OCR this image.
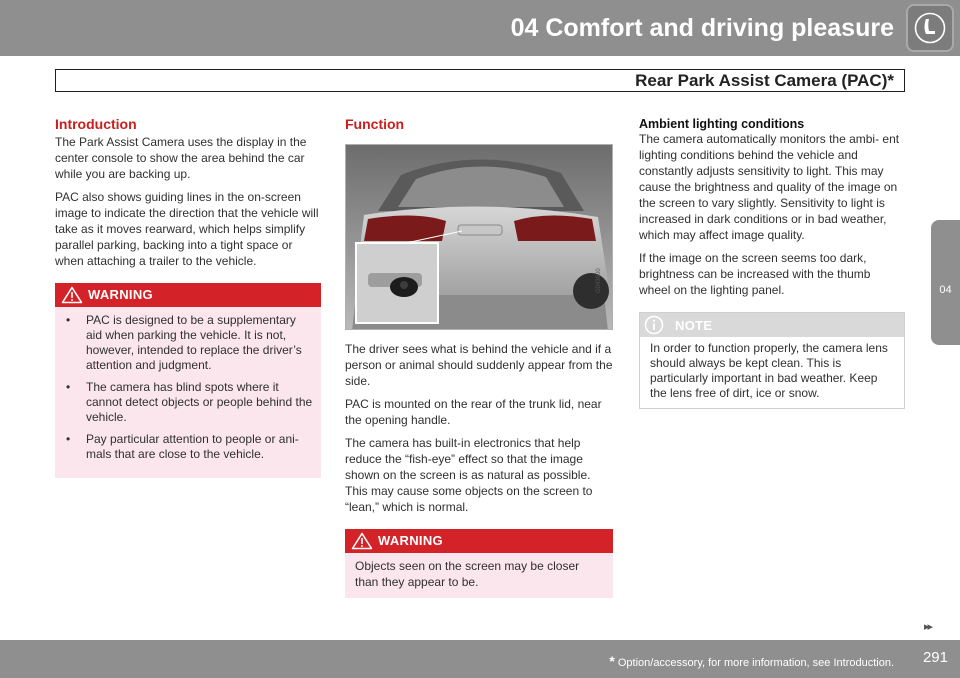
04 Comfort and driving pleasure
Rear Park Assist Camera (PAC)*
04
Introduction

The Park Assist Camera uses the display in the center console to show the area behind the car while you are backing up.

PAC also shows guiding lines in the on-screen image to indicate the direction that the vehicle will take as it moves rearward, which helps simplify parallel parking, backing into a tight space or when attaching a trailer to the vehicle.

WARNING
• PAC is designed to be a supplementary aid when parking the vehicle. It is not, however, intended to replace the driver’s attention and judgment.
• The camera has blind spots where it cannot detect objects or people behind the vehicle.
• Pay particular attention to people or ani- mals that are close to the vehicle.
Function
G043600

The driver sees what is behind the vehicle and if a person or animal should suddenly appear from the side.

PAC is mounted on the rear of the trunk lid, near the opening handle.

The camera has built-in electronics that help reduce the “fish-eye” effect so that the image shown on the screen is as natural as possible. This may cause some objects on the screen to “lean,” which is normal.

WARNING

Objects seen on the screen may be closer than they appear to be.

Ambient lighting conditions

The camera automatically monitors the ambi- ent lighting conditions behind the vehicle and constantly adjusts sensitivity to light. This may cause the brightness and quality of the image on the screen to vary slightly. Sensitivity to light is increased in dark conditions or in bad weather, which may affect image quality.

If the image on the screen seems too dark, brightness can be increased with the thumb wheel on the lighting panel.

NOTE

In order to function properly, the camera lens should always be kept clean. This is particularly important in bad weather. Keep the lens free of dirt, ice or snow.

▸▸
* Option/accessory, for more information, see Introduction. 291
